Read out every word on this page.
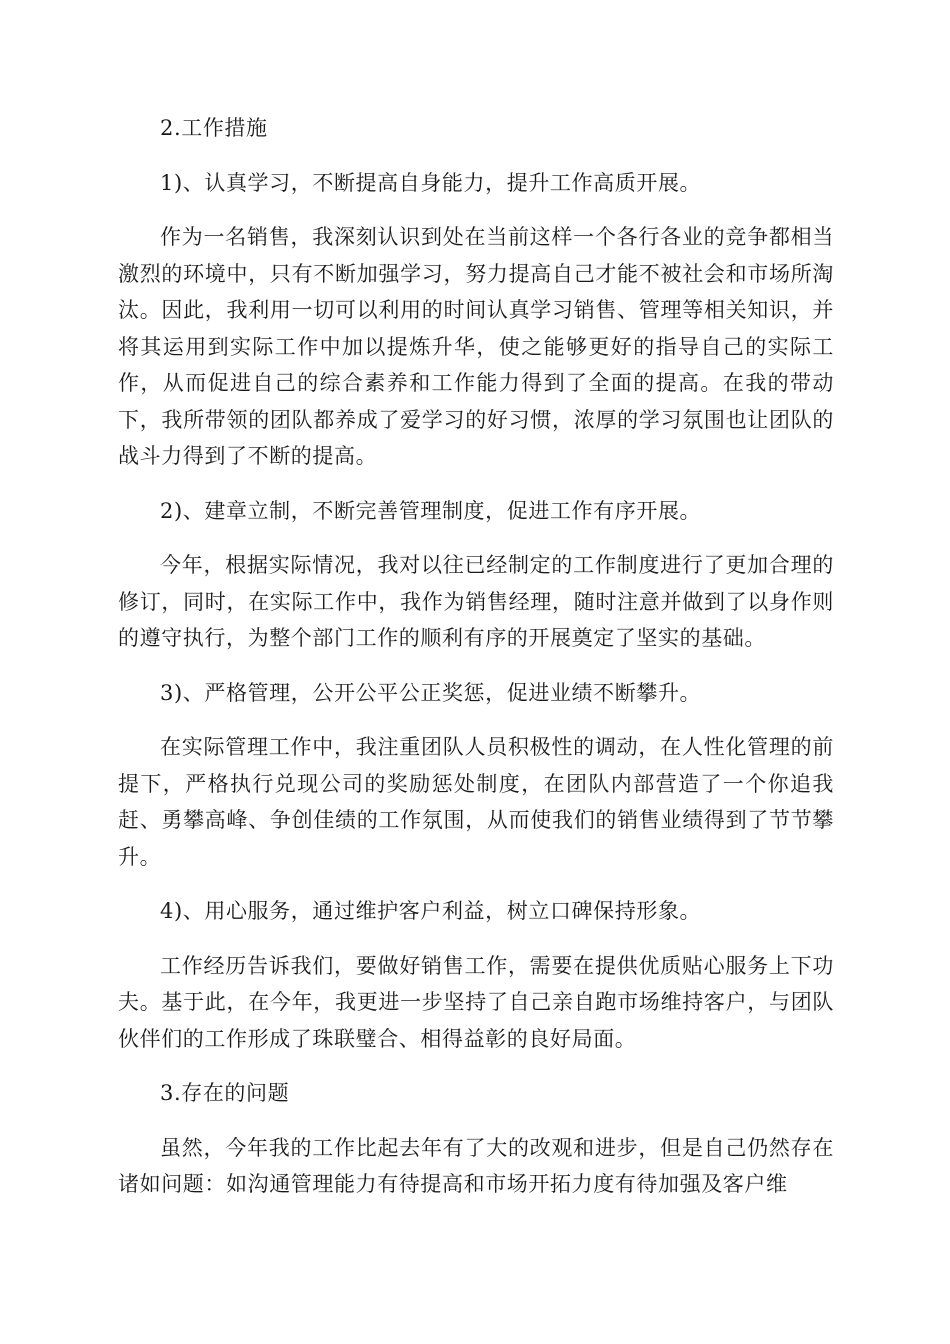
2.工作措施

1)、认真学习，不断提高自身能力，提升工作高质开展。

作为一名销售，我深刻认识到处在当前这样一个各行各业的竞争都相当激烈的环境中，只有不断加强学习，努力提高自己才能不被社会和市场所淘汰。因此，我利用一切可以利用的时间认真学习销售、管理等相关知识，并将其运用到实际工作中加以提炼升华，使之能够更好的指导自己的实际工作，从而促进自己的综合素养和工作能力得到了全面的提高。在我的带动下，我所带领的团队都养成了爱学习的好习惯，浓厚的学习氛围也让团队的战斗力得到了不断的提高。

2)、建章立制，不断完善管理制度，促进工作有序开展。

今年，根据实际情况，我对以往已经制定的工作制度进行了更加合理的修订，同时，在实际工作中，我作为销售经理，随时注意并做到了以身作则的遵守执行，为整个部门工作的顺利有序的开展奠定了坚实的基础。

3)、严格管理，公开公平公正奖惩，促进业绩不断攀升。

在实际管理工作中，我注重团队人员积极性的调动，在人性化管理的前提下，严格执行兑现公司的奖励惩处制度，在团队内部营造了一个你追我赶、勇攀高峰、争创佳绩的工作氛围，从而使我们的销售业绩得到了节节攀升。

4)、用心服务，通过维护客户利益，树立口碑保持形象。

工作经历告诉我们，要做好销售工作，需要在提供优质贴心服务上下功夫。基于此，在今年，我更进一步坚持了自己亲自跑市场维持客户，与团队伙伴们的工作形成了珠联璧合、相得益彰的良好局面。

3.存在的问题

虽然，今年我的工作比起去年有了大的改观和进步，但是自己仍然存在诸如问题：如沟通管理能力有待提高和市场开拓力度有待加强及客户维
